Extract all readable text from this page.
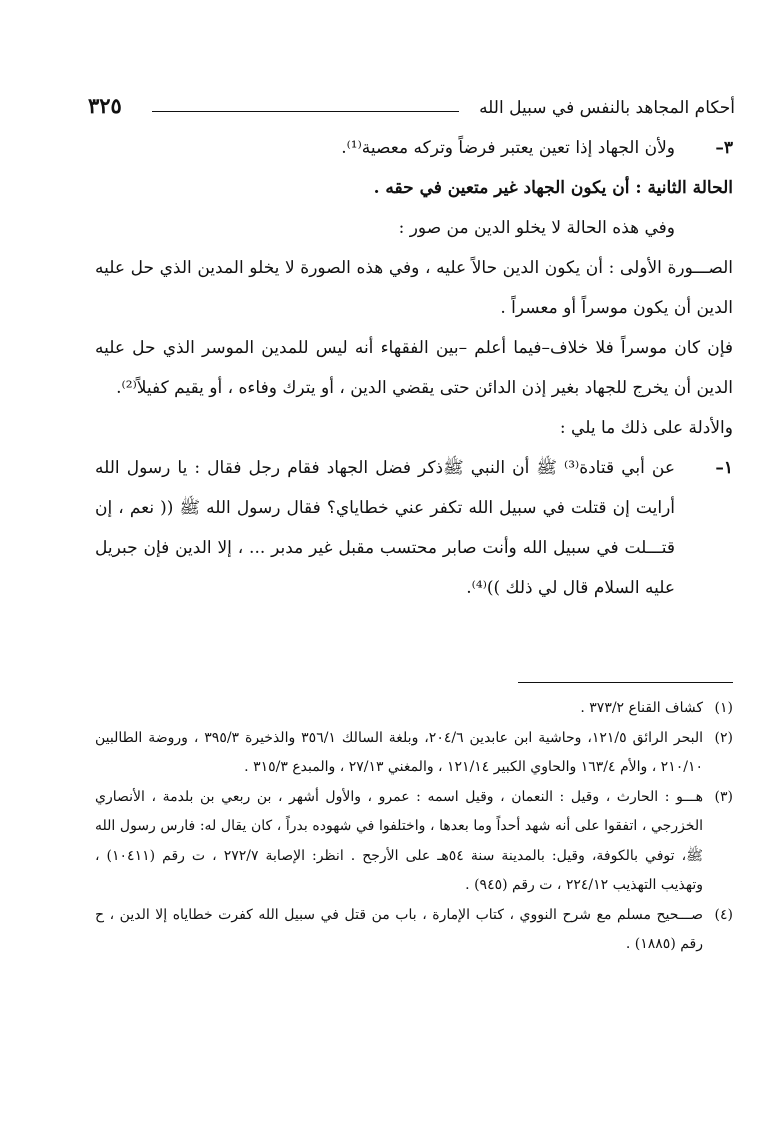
أحكام المجاهد بالنفس في سبيل الله
٣٢٥

٣–
ولأن الجهاد إذا تعين يعتبر فرضاً وتركه معصية⁽¹⁾.

الحالة الثانية : أن يكون الجهاد غير متعين في حقه .

وفي هذه الحالة لا يخلو الدين من صور :

الصـــورة الأولى : أن يكون الدين حالاً عليه ، وفي هذه الصورة لا يخلو المدين الذي حل عليه الدين أن يكون موسراً أو معسراً .

فإن كان موسراً فلا خلاف–فيما أعلم –بين الفقهاء أنه ليس للمدين الموسر الذي حل عليه الدين أن يخرج للجهاد بغير إذن الدائن حتى يقضي الدين ، أو يترك وفاءه ، أو يقيم كفيلاً⁽²⁾.

والأدلة على ذلك ما يلي :

١–
عن أبي قتادة⁽³⁾ ﷺ أن النبي ﷺذكر فضل الجهاد فقام رجل فقال : يا رسول الله أرايت إن قتلت في سبيل الله تكفر عني خطاياي؟ فقال رسول الله ﷺ (( نعم ، إن قتـــلت في سبيل الله وأنت صابر محتسب مقبل غير مدبر ... ، إلا الدين فإن جبريل عليه السلام قال لي ذلك ))⁽⁴⁾.

(١)
كشاف القناع ٣٧٣/٢ .

(٢)
البحر الرائق ١٢١/٥، وحاشية ابن عابدين ٢٠٤/٦، وبلغة السالك ٣٥٦/١ والذخيرة ٣٩٥/٣ ، وروضة الطالبين ٢١٠/١٠ ، والأم ١٦٣/٤ والحاوي الكبير ١٢١/١٤ ، والمغني ٢٧/١٣ ، والمبدع ٣١٥/٣ .

(٣)
هـــو : الحارث ، وقيل : النعمان ، وقيل اسمه : عمرو ، والأول أشهر ، بن ربعي بن بلدمة ، الأنصاري الخزرجي ، اتفقوا على أنه شهد أحداً وما بعدها ، واختلفوا في شهوده بدراً ، كان يقال له: فارس رسول الله ﷺ، توفي بالكوفة، وقيل: بالمدينة سنة ٥٤هـ على الأرجح . انظر: الإصابة ٢٧٢/٧ ، ت رقم (١٠٤١١) ، وتهذيب التهذيب ٢٢٤/١٢ ، ت رقم (٩٤٥) .

(٤)
صـــحيح مسلم مع شرح النووي ، كتاب الإمارة ، باب من قتل في سبيل الله كفرت خطاياه إلا الدين ، ح رقم (١٨٨٥) .
